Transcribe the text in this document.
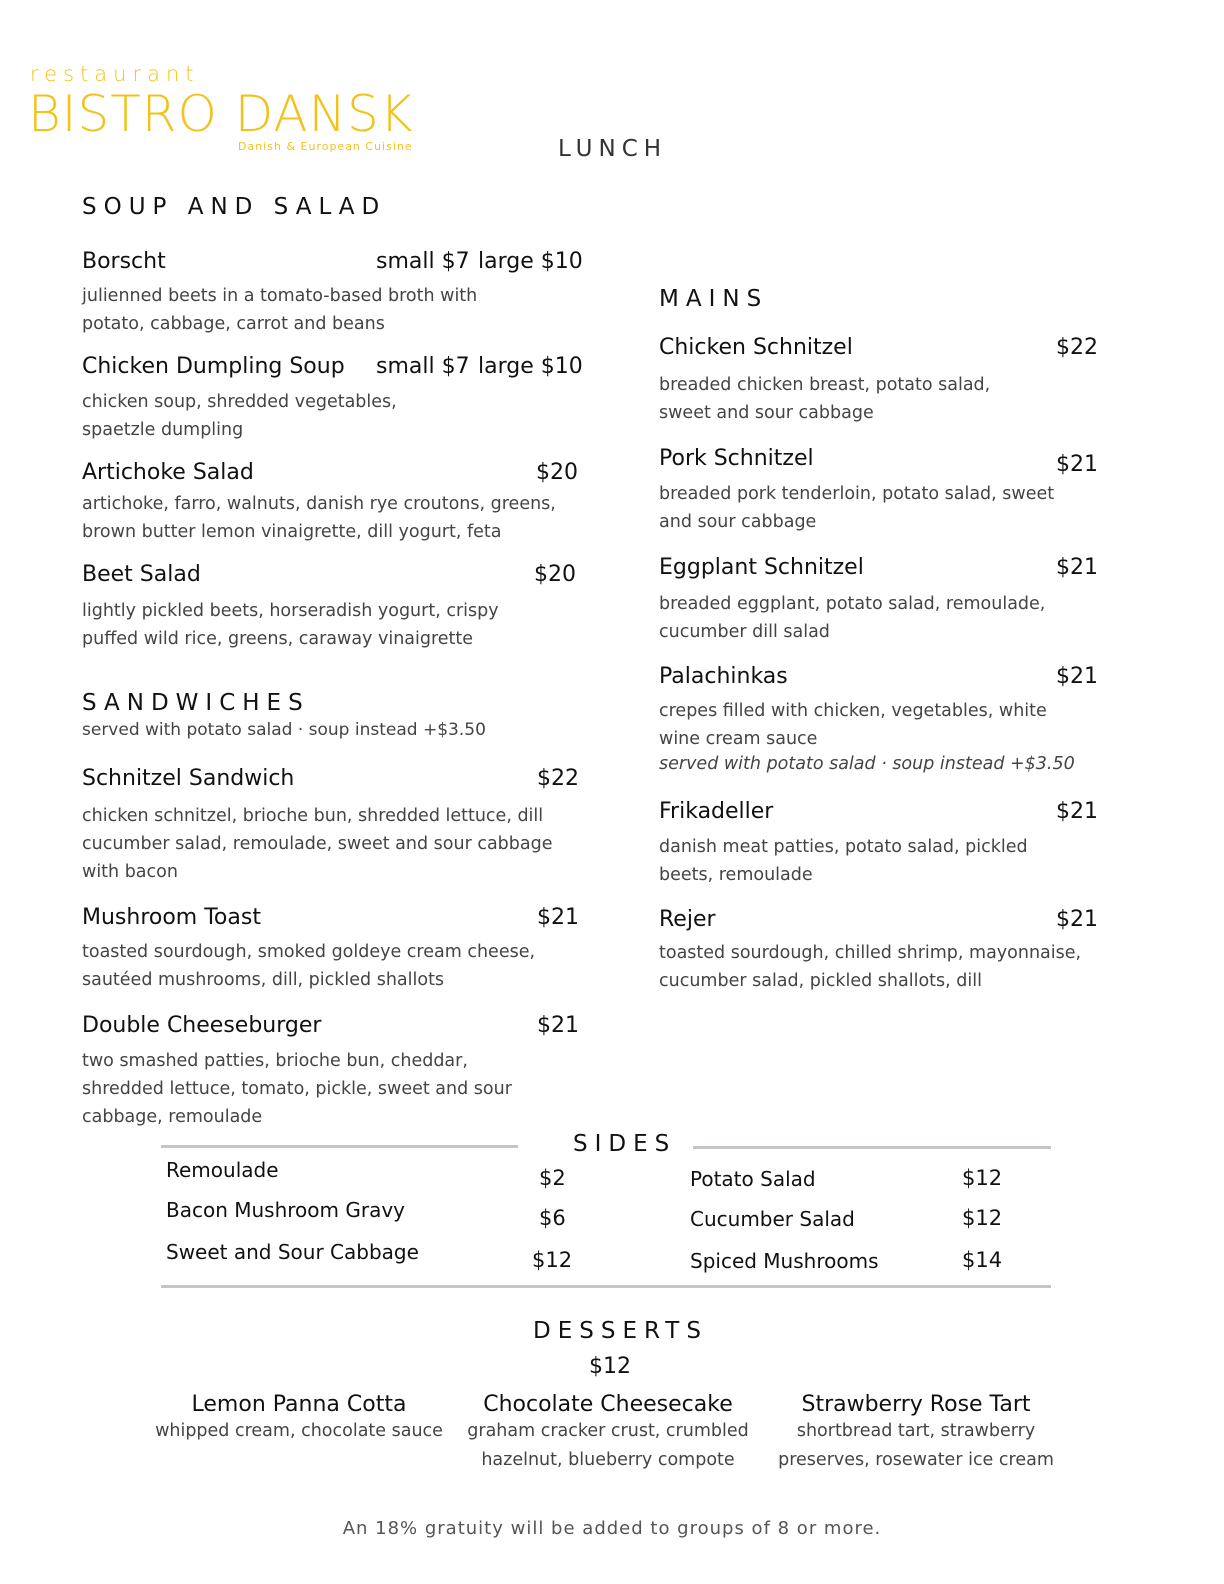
restaurant
BISTRO DANSK
Danish & European Cuisine	LUNCH
SOUP AND SALAD
Borscht	small $7 large $10
julienned beets in a tomato-based broth with
potato, cabbage, carrot and beans
Chicken Dumpling Soup small $7 large $10
chicken soup, shredded vegetables,
spaetzle dumpling
Artichoke Salad	$20
artichoke, farro, walnuts, danish rye croutons, greens,
brown butter lemon vinaigrette, dill yogurt, feta
Beet Salad	$20
lightly pickled beets, horseradish yogurt, crispy
puffed wild rice, greens, caraway vinaigrette
SANDWICHES
served with potato salad · soup instead +$3.50
Schnitzel Sandwich	$22
chicken schnitzel, brioche bun, shredded lettuce, dill
cucumber salad, remoulade, sweet and sour cabbage
with bacon
Mushroom Toast	$21
toasted sourdough, smoked goldeye cream cheese,
sautéed mushrooms, dill, pickled shallots
Double Cheeseburger	$21
two smashed patties, brioche bun, cheddar,
shredded lettuce, tomato, pickle, sweet and sour
cabbage, remoulade
MAINS
Chicken Schnitzel	$22
breaded chicken breast, potato salad,
sweet and sour cabbage
Pork Schnitzel	$21
breaded pork tenderloin, potato salad, sweet
and sour cabbage
Eggplant Schnitzel	$21
breaded eggplant, potato salad, remoulade,
cucumber dill salad
Palachinkas	$21
crepes filled with chicken, vegetables, white
wine cream sauce
served with potato salad · soup instead +$3.50
Frikadeller	$21
danish meat patties, potato salad, pickled
beets, remoulade
Rejer	$21
toasted sourdough, chilled shrimp, mayonnaise,
cucumber salad, pickled shallots, dill
SIDES
Remoulade	$2
Bacon Mushroom Gravy	$6
Sweet and Sour Cabbage	$12
Potato Salad	$12
Cucumber Salad	$12
Spiced Mushrooms	$14
DESSERTS
$12
Lemon Panna Cotta
whipped cream, chocolate sauce
Chocolate Cheesecake
graham cracker crust, crumbled
hazelnut, blueberry compote
Strawberry Rose Tart
shortbread tart, strawberry
preserves, rosewater ice cream
An 18% gratuity will be added to groups of 8 or more.
